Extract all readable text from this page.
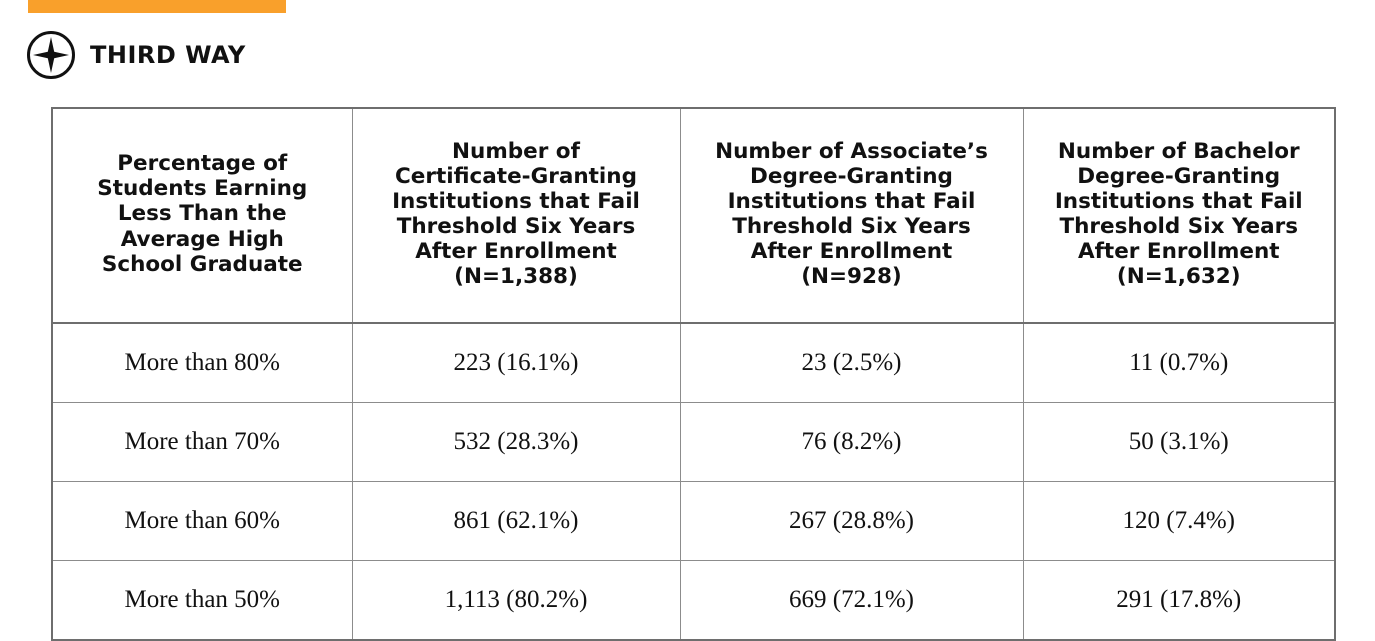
THIRD WAY
Percentage of
Students Earning
Less Than the
Average High
School Graduate

Number of
Certificate-Granting
Institutions that Fail
Threshold Six Years
After Enrollment
(N=1,388)

Number of Associate’s
Degree-Granting
Institutions that Fail
Threshold Six Years
After Enrollment
(N=928)

Number of Bachelor
Degree-Granting
Institutions that Fail
Threshold Six Years
After Enrollment
(N=1,632)

More than 80%	223 (16.1%)	23 (2.5%)	11 (0.7%)
More than 70%	532 (28.3%)	76 (8.2%)	50 (3.1%)
More than 60%	861 (62.1%)	267 (28.8%)	120 (7.4%)
More than 50%	1,113 (80.2%)	669 (72.1%)	291 (17.8%)
